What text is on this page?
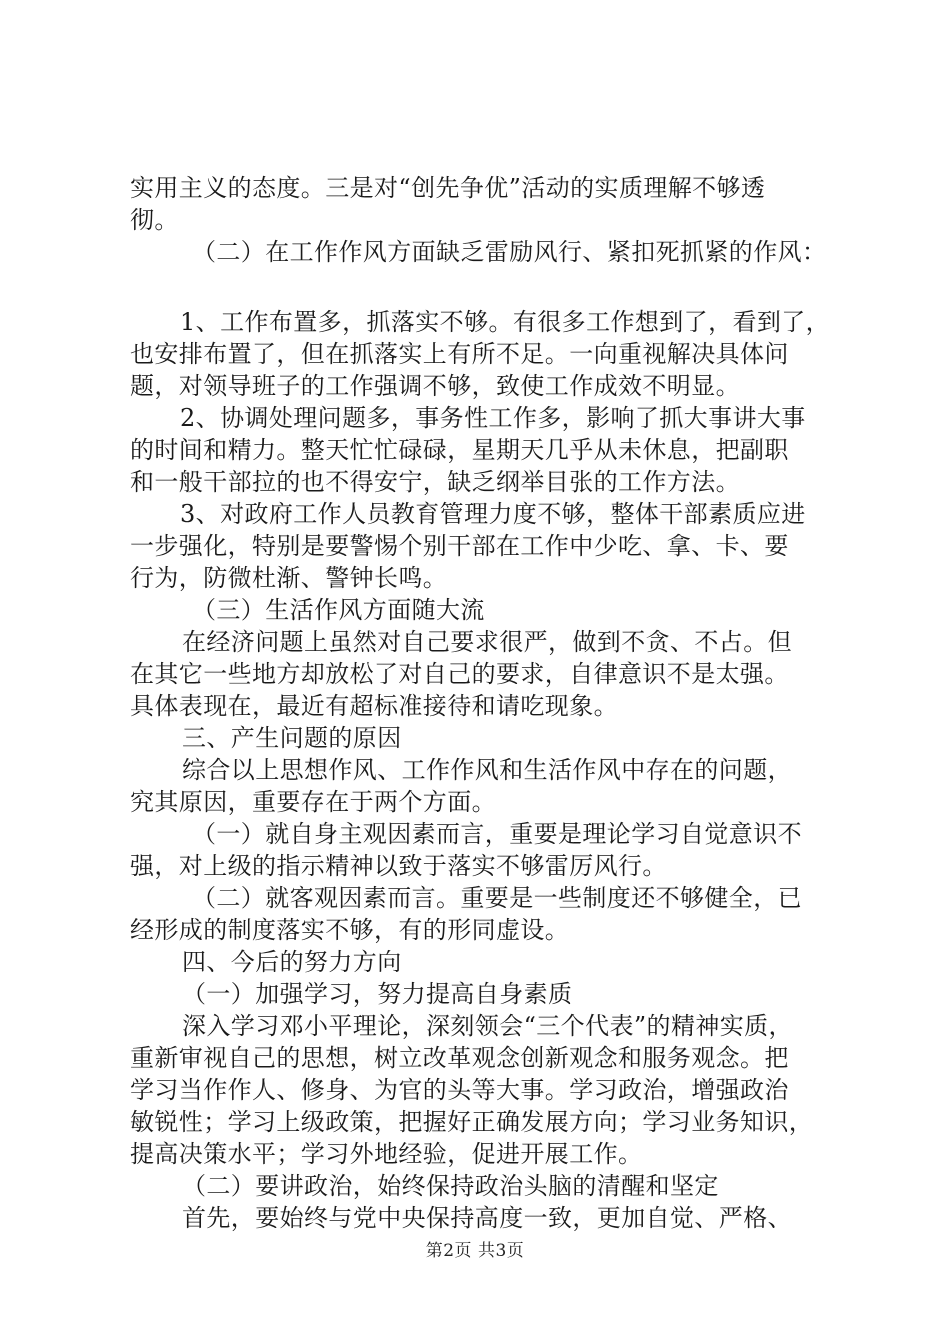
实用主义的态度。三是对“创先争优”活动的实质理解不够透
彻。
（二）在工作作风方面缺乏雷励风行、紧扣死抓紧的作风：
1、工作布置多，抓落实不够。有很多工作想到了，看到了，
也安排布置了，但在抓落实上有所不足。一向重视解决具体问
题，对领导班子的工作强调不够，致使工作成效不明显。
2、协调处理问题多，事务性工作多，影响了抓大事讲大事
的时间和精力。整天忙忙碌碌，星期天几乎从未休息，把副职
和一般干部拉的也不得安宁，缺乏纲举目张的工作方法。
3、对政府工作人员教育管理力度不够，整体干部素质应进
一步强化，特别是要警惕个别干部在工作中少吃、拿、卡、要
行为，防微杜渐、警钟长鸣。
（三）生活作风方面随大流
在经济问题上虽然对自己要求很严，做到不贪、不占。但
在其它一些地方却放松了对自己的要求，自律意识不是太强。
具体表现在，最近有超标准接待和请吃现象。
三、产生问题的原因
综合以上思想作风、工作作风和生活作风中存在的问题，
究其原因，重要存在于两个方面。
（一）就自身主观因素而言，重要是理论学习自觉意识不
强，对上级的指示精神以致于落实不够雷厉风行。
（二）就客观因素而言。重要是一些制度还不够健全，已
经形成的制度落实不够，有的形同虚设。
四、今后的努力方向
（一）加强学习，努力提高自身素质
深入学习邓小平理论，深刻领会“三个代表”的精神实质，
重新审视自己的思想，树立改革观念创新观念和服务观念。把
学习当作作人、修身、为官的头等大事。学习政治，增强政治
敏锐性；学习上级政策，把握好正确发展方向；学习业务知识，
提高决策水平；学习外地经验，促进开展工作。
（二）要讲政治，始终保持政治头脑的清醒和坚定
首先，要始终与党中央保持高度一致，更加自觉、严格、
第2页 共3页
